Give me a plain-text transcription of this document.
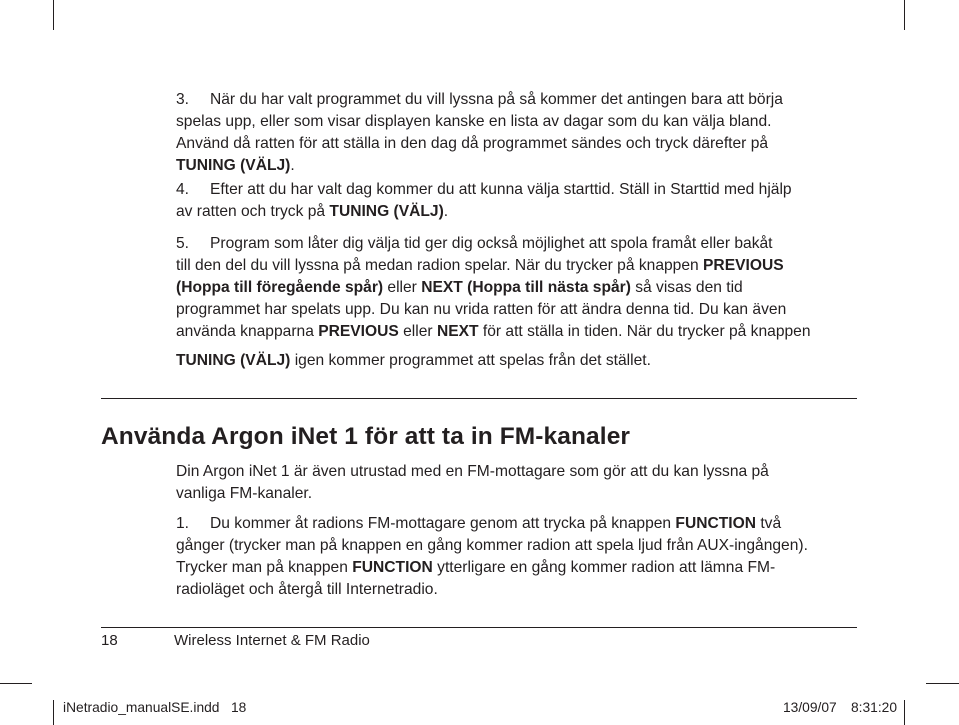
3. När du har valt programmet du vill lyssna på så kommer det antingen bara att börja
spelas upp, eller som visar displayen kanske en lista av dagar som du kan välja bland.
Använd då ratten för att ställa in den dag då programmet sändes och tryck därefter på
TUNING (VÄLJ).
4. Efter att du har valt dag kommer du att kunna välja starttid. Ställ in Starttid med hjälp
av ratten och tryck på TUNING (VÄLJ).
5. Program som låter dig välja tid ger dig också möjlighet att spola framåt eller bakåt
till den del du vill lyssna på medan radion spelar. När du trycker på knappen PREVIOUS
(Hoppa till föregående spår) eller NEXT (Hoppa till nästa spår) så visas den tid
programmet har spelats upp. Du kan nu vrida ratten för att ändra denna tid. Du kan även
använda knapparna PREVIOUS eller NEXT för att ställa in tiden. När du trycker på knappen
TUNING (VÄLJ) igen kommer programmet att spelas från det stället.
Använda Argon iNet 1 för att ta in FM-kanaler
Din Argon iNet 1 är även utrustad med en FM-mottagare som gör att du kan lyssna på
vanliga FM-kanaler.
1. Du kommer åt radions FM-mottagare genom att trycka på knappen FUNCTION två
gånger (trycker man på knappen en gång kommer radion att spela ljud från AUX-ingången).
Trycker man på knappen FUNCTION ytterligare en gång kommer radion att lämna FM-
radioläget och återgå till Internetradio.
18	Wireless Internet & FM Radio
iNetradio_manualSE.indd   18	13/09/07 8:31:20
